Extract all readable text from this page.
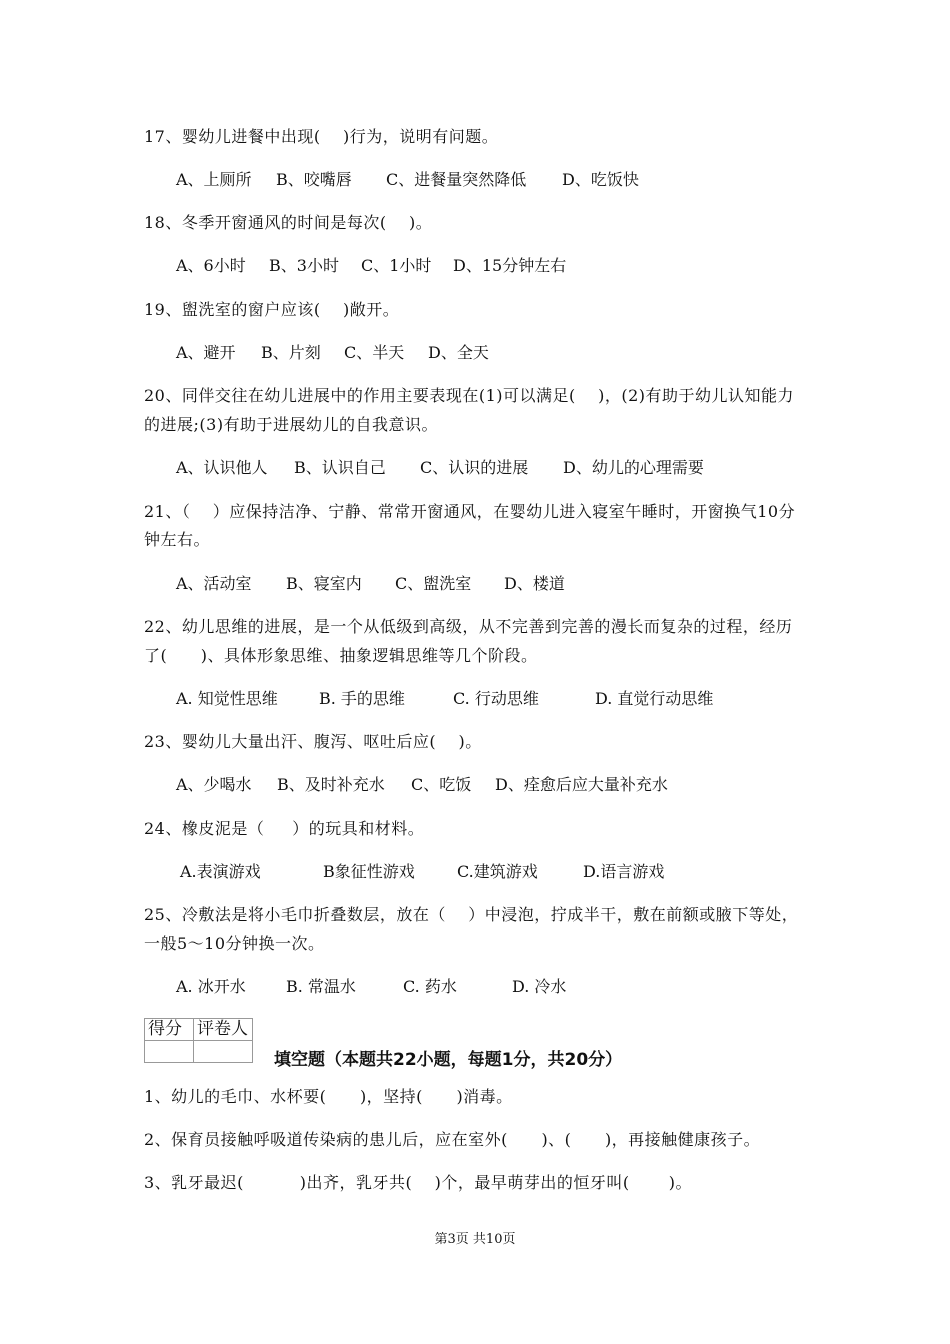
17、婴幼儿进餐中出现(    )行为，说明有问题。
A、上厕所 B、咬嘴唇 C、进餐量突然降低 D、吃饭快
18、冬季开窗通风的时间是每次(    )。
A、6小时 B、3小时 C、1小时 D、15分钟左右
19、盥洗室的窗户应该(    )敞开。
A、避开 B、片刻 C、半天 D、全天
20、同伴交往在幼儿进展中的作用主要表现在(1)可以满足(    )，(2)有助于幼儿认知能力
的进展;(3)有助于进展幼儿的自我意识。
A、认识他人 B、认识自己 C、认识的进展 D、幼儿的心理需要
21、（    ）应保持洁净、宁静、常常开窗通风，在婴幼儿进入寝室午睡时，开窗换气10分
钟左右。
A、活动室 B、寝室内 C、盥洗室 D、楼道
22、幼儿思维的进展，是一个从低级到高级，从不完善到完善的漫长而复杂的过程，经历
了(      )、具体形象思维、抽象逻辑思维等几个阶段。
A. 知觉性思维	B. 手的思维	C. 行动思维	D. 直觉行动思维
23、婴幼儿大量出汗、腹泻、呕吐后应(    )。
A、少喝水 B、及时补充水 C、吃饭 D、痊愈后应大量补充水
24、橡皮泥是（     ）的玩具和材料。
A.表演游戏	B象征性游戏	C.建筑游戏	D.语言游戏
25、冷敷法是将小毛巾折叠数层，放在（    ）中浸泡，拧成半干，敷在前额或腋下等处，
一般5～10分钟换一次。
A. 冰开水	B. 常温水	C. 药水	D. 冷水
得分	评卷人

填空题（本题共22小题，每题1分，共20分）
1、幼儿的毛巾、水杯要(      )，坚持(      )消毒。
2、保育员接触呼吸道传染病的患儿后，应在室外(      )、(      )，再接触健康孩子。
3、乳牙最迟(          )出齐，乳牙共(    )个，最早萌芽出的恒牙叫(       )。
第3页 共10页
